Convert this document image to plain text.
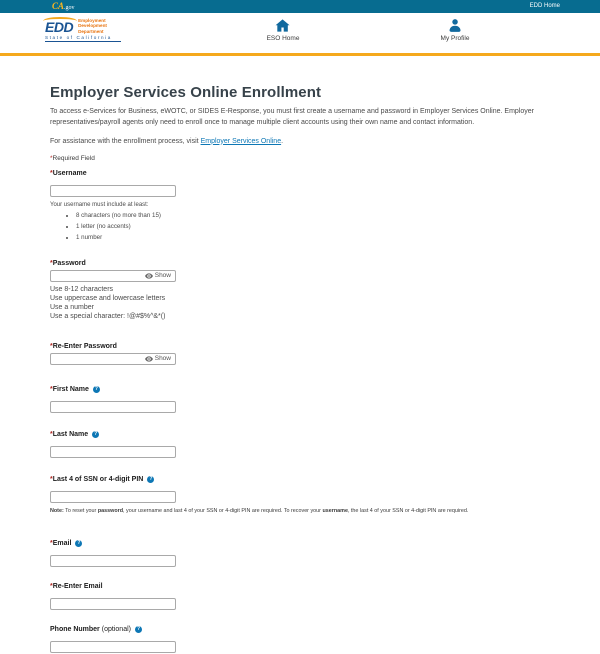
CA.gov	EDD Home
EDD	Employment
Development
Department
State of California	ESO Home	My Profile
Employer Services Online Enrollment

To access e-Services for Business, eWOTC, or SIDES E-Response, you must first create a username and password in Employer Services Online. Employer representatives/payroll agents only need to enroll once to manage multiple client accounts using their own name and contact information.

For assistance with the enrollment process, visit Employer Services Online.

*Required Field

* Username
Your username must include at least:
• 8 characters (no more than 15)
• 1 letter (no accents)
• 1 number
* Password
Show
Use 8-12 characters
Use uppercase and lowercase letters
Use a number
Use a special character: !@#$%^&*()
* Re-Enter Password
Show
* First Name	?
* Last Name	?
* Last 4 of SSN or 4-digit PIN	?
Note: To reset your password, your username and last 4 of your SSN or 4-digit PIN are required. To recover your username, the last 4 of your SSN or 4-digit PIN are required.
* Email	?
* Re-Enter Email
Phone Number (optional)	?
